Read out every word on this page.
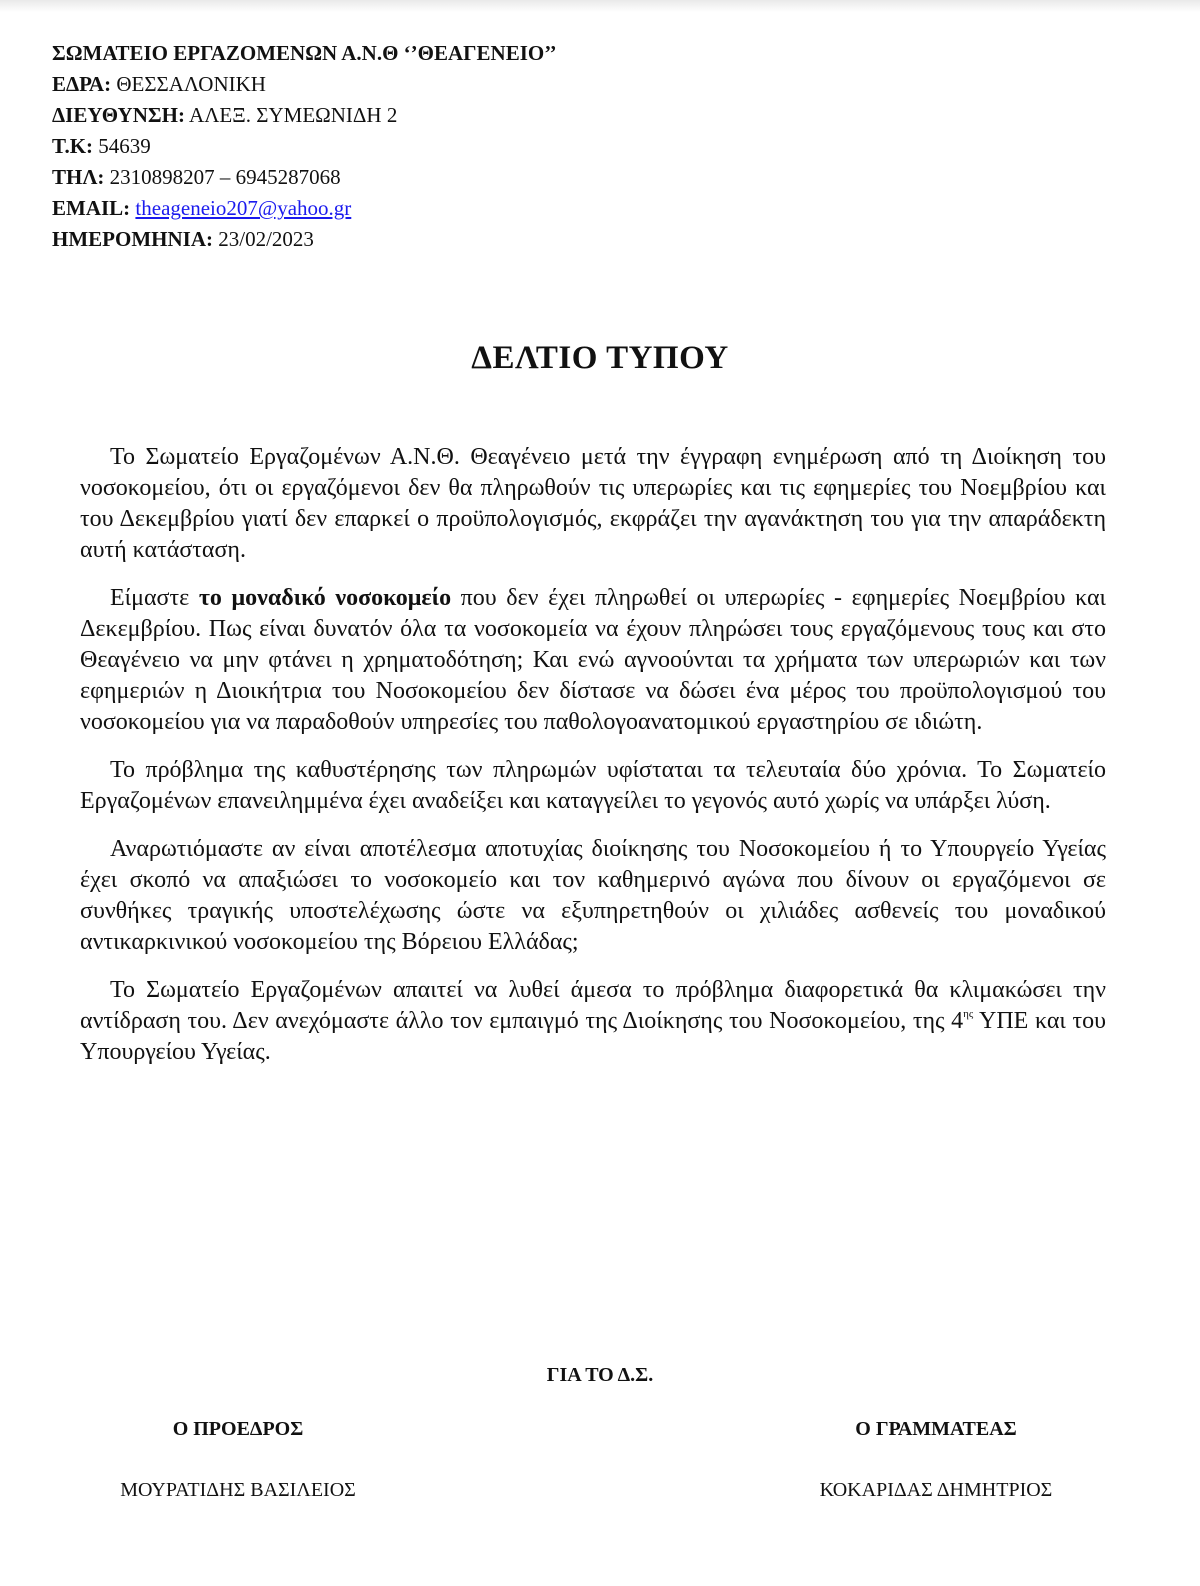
ΣΩΜΑΤΕΙΟ ΕΡΓΑΖΟΜΕΝΩΝ Α.Ν.Θ ‘’ΘΕΑΓΕΝΕΙΟ’’
ΕΔΡΑ: ΘΕΣΣΑΛΟΝΙΚΗ
ΔΙΕΥΘΥΝΣΗ: ΑΛΕΞ. ΣΥΜΕΩΝΙΔΗ 2
Τ.Κ: 54639
ΤΗΛ: 2310898207 – 6945287068
EMAIL: theageneio207@yahoo.gr
ΗΜΕΡΟΜΗΝΙΑ: 23/02/2023
ΔΕΛΤΙΟ ΤΥΠΟΥ

Το Σωματείο Εργαζομένων Α.Ν.Θ. Θεαγένειο μετά την έγγραφη ενημέρωση από τη Διοίκηση του νοσοκομείου, ότι οι εργαζόμενοι δεν θα πληρωθούν τις υπερωρίες και τις εφημερίες του Νοεμβρίου και του Δεκεμβρίου γιατί δεν επαρκεί ο προϋπολογισμός, εκφράζει την αγανάκτηση του για την απαράδεκτη αυτή κατάσταση.

Είμαστε το μοναδικό νοσοκομείο που δεν έχει πληρωθεί οι υπερωρίες - εφημερίες Νοεμβρίου και Δεκεμβρίου. Πως είναι δυνατόν όλα τα νοσοκομεία να έχουν πληρώσει τους εργαζόμενους τους και στο Θεαγένειο να μην φτάνει η χρηματοδότηση; Και ενώ αγνοούνται τα χρήματα των υπερωριών και των εφημεριών η Διοικήτρια του Νοσοκομείου δεν δίστασε να δώσει ένα μέρος του προϋπολογισμού του νοσοκομείου για να παραδοθούν υπηρεσίες του παθολογοανατομικού εργαστηρίου σε ιδιώτη.

Το πρόβλημα της καθυστέρησης των πληρωμών υφίσταται τα τελευταία δύο χρόνια. Το Σωματείο Εργαζομένων επανειλημμένα έχει αναδείξει και καταγγείλει το γεγονός αυτό χωρίς να υπάρξει λύση.

Αναρωτιόμαστε αν είναι αποτέλεσμα αποτυχίας διοίκησης του Νοσοκομείου ή το Υπουργείο Υγείας έχει σκοπό να απαξιώσει το νοσοκομείο και τον καθημερινό αγώνα που δίνουν οι εργαζόμενοι σε συνθήκες τραγικής υποστελέχωσης ώστε να εξυπηρετηθούν οι χιλιάδες ασθενείς του μοναδικού αντικαρκινικού νοσοκομείου της Βόρειου Ελλάδας;

Το Σωματείο Εργαζομένων απαιτεί να λυθεί άμεσα το πρόβλημα διαφορετικά θα κλιμακώσει την αντίδραση του. Δεν ανεχόμαστε άλλο τον εμπαιγμό της Διοίκησης του Νοσοκομείου, της $4^{\eta\varsigma}$ ΥΠΕ και του Υπουργείου Υγείας.

ΓΙΑ ΤΟ Δ.Σ.
Ο ΠΡΟΕΔΡΟΣ
ΜΟΥΡΑΤΙΔΗΣ ΒΑΣΙΛΕΙΟΣ
Ο ΓΡΑΜΜΑΤΕΑΣ
ΚΟΚΑΡΙΔΑΣ ΔΗΜΗΤΡΙΟΣ
